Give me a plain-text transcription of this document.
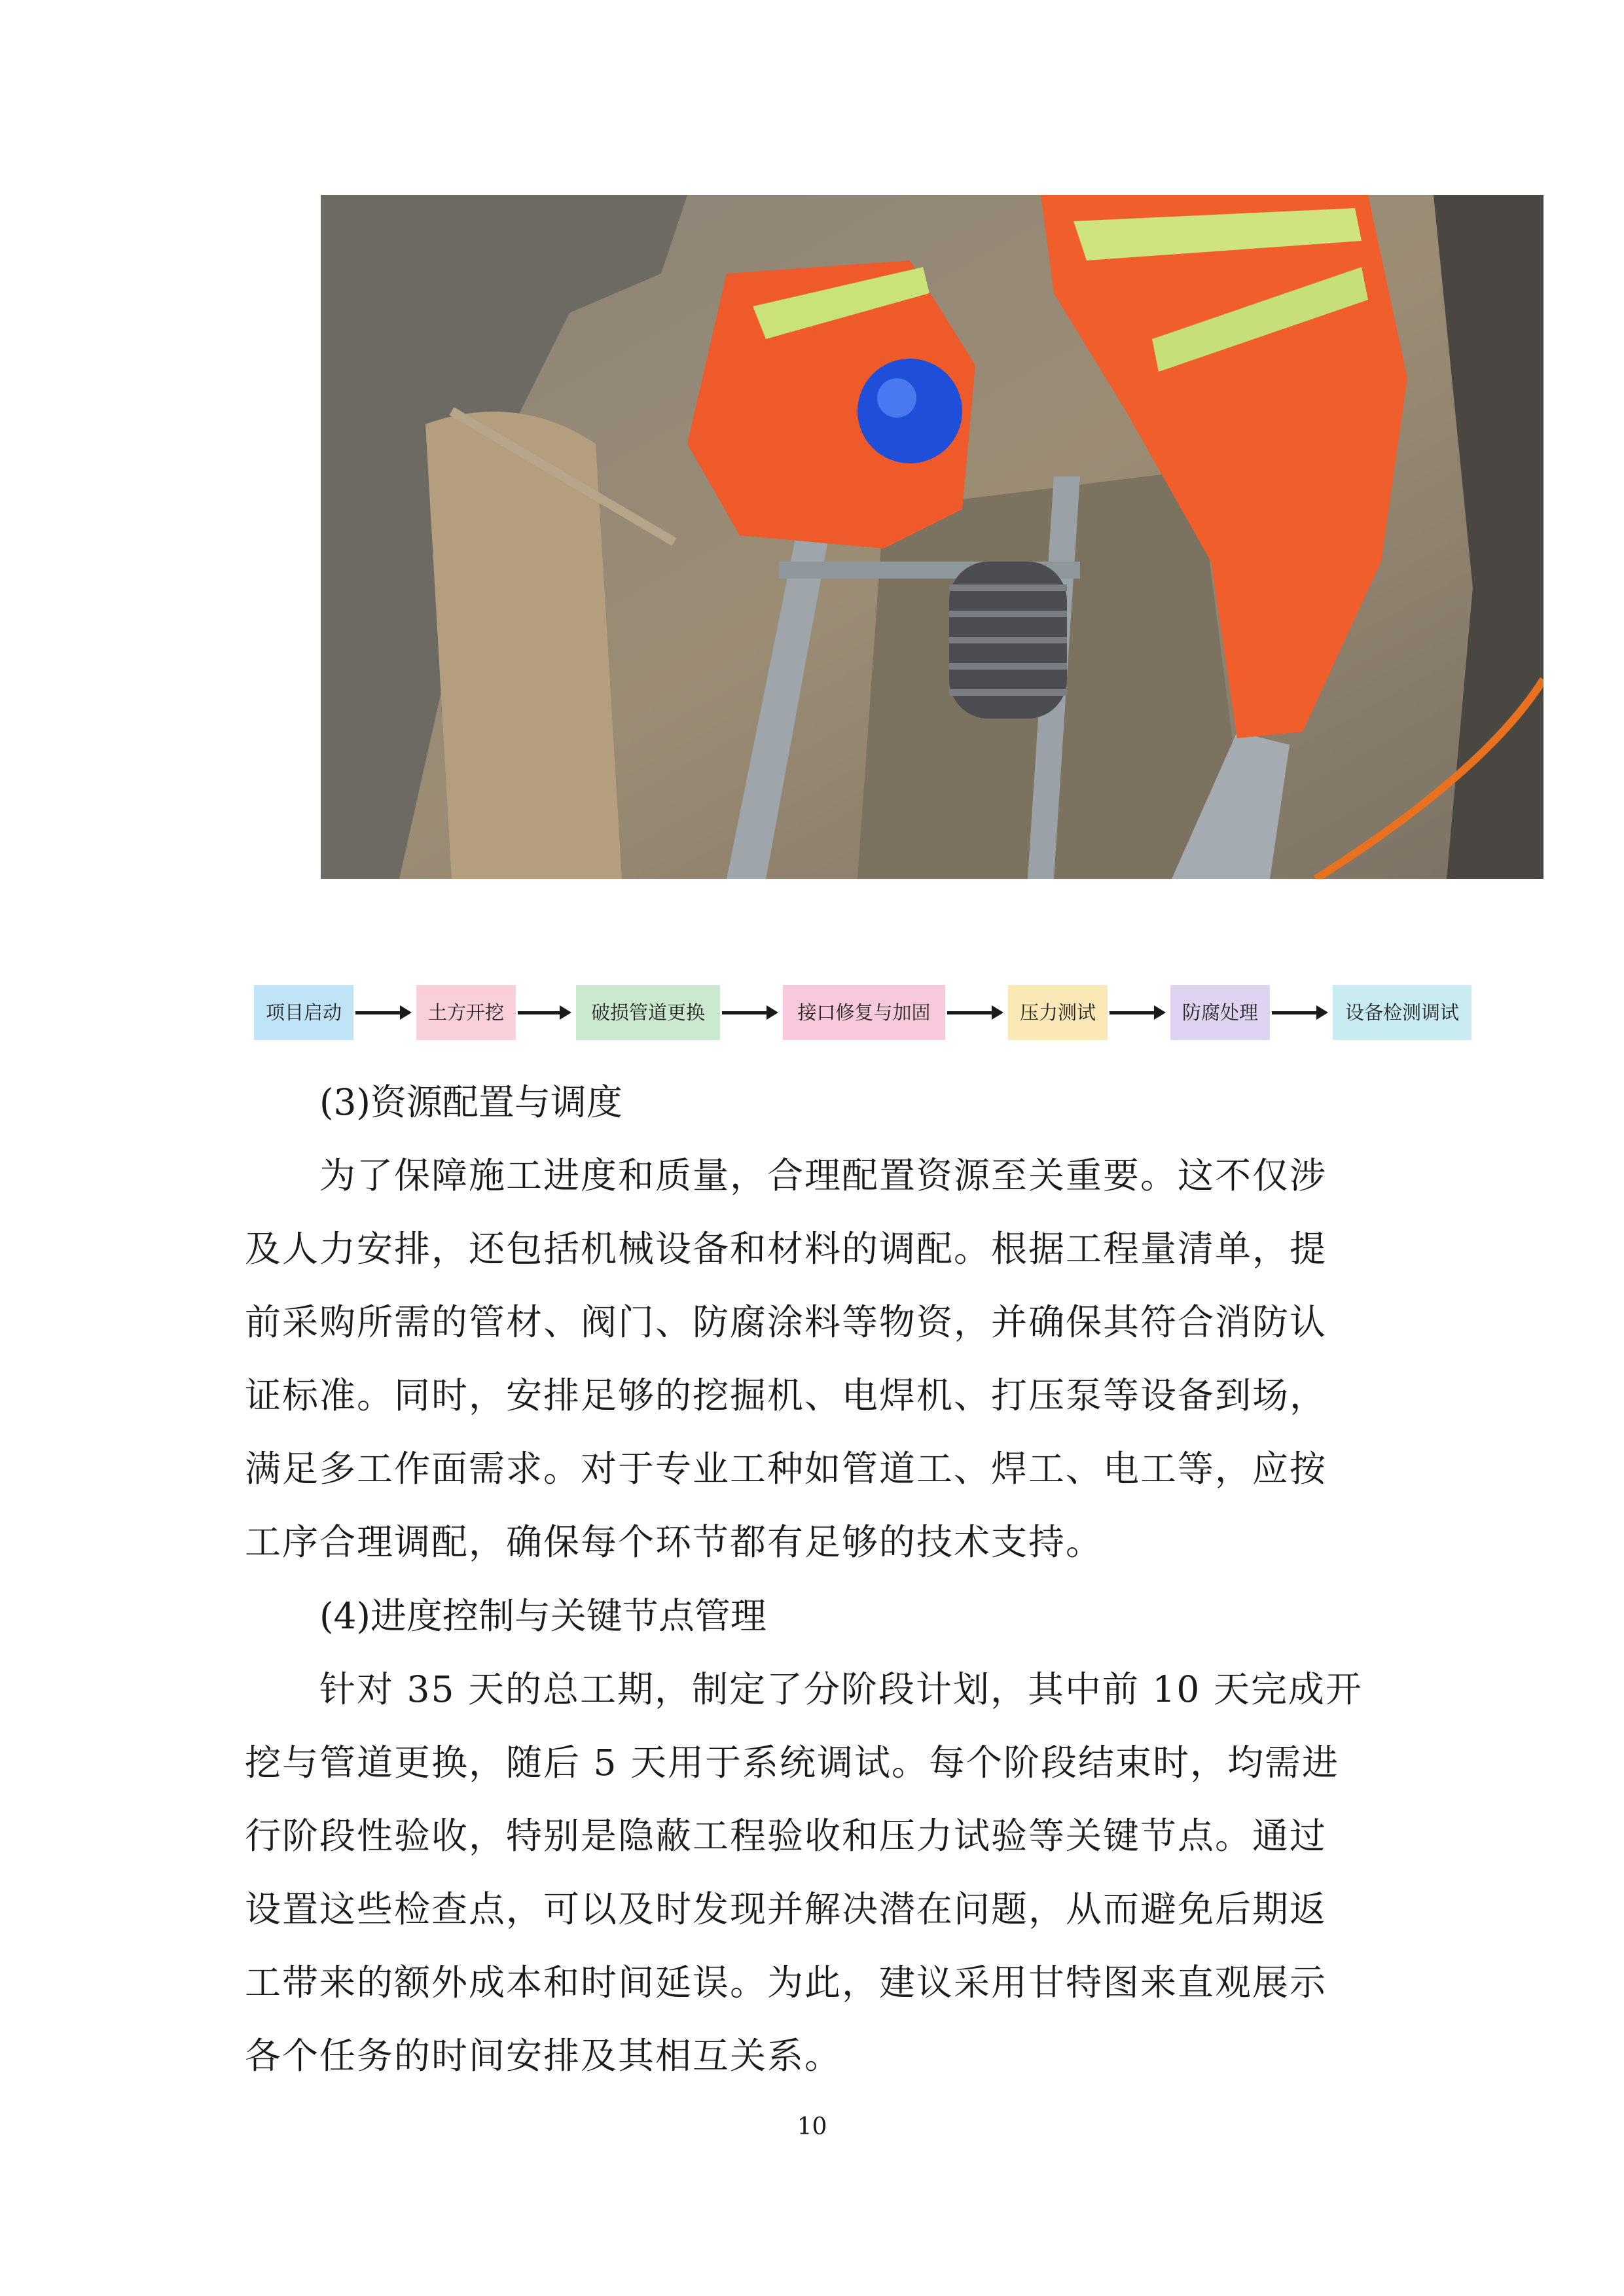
项目启动	土方开挖	破损管道更换	接口修复与加固	压力测试	防腐处理	设备检测调试
(3)资源配置与调度

为了保障施工进度和质量，合理配置资源至关重要。这不仅涉

及人力安排，还包括机械设备和材料的调配。根据工程量清单，提

前采购所需的管材、阀门、防腐涂料等物资，并确保其符合消防认

证标准。同时，安排足够的挖掘机、电焊机、打压泵等设备到场，

满足多工作面需求。对于专业工种如管道工、焊工、电工等，应按

工序合理调配，确保每个环节都有足够的技术支持。

(4)进度控制与关键节点管理

针对 35 天的总工期，制定了分阶段计划，其中前 10 天完成开

挖与管道更换，随后 5 天用于系统调试。每个阶段结束时，均需进

行阶段性验收，特别是隐蔽工程验收和压力试验等关键节点。通过

设置这些检查点，可以及时发现并解决潜在问题，从而避免后期返

工带来的额外成本和时间延误。为此，建议采用甘特图来直观展示

各个任务的时间安排及其相互关系。

10
